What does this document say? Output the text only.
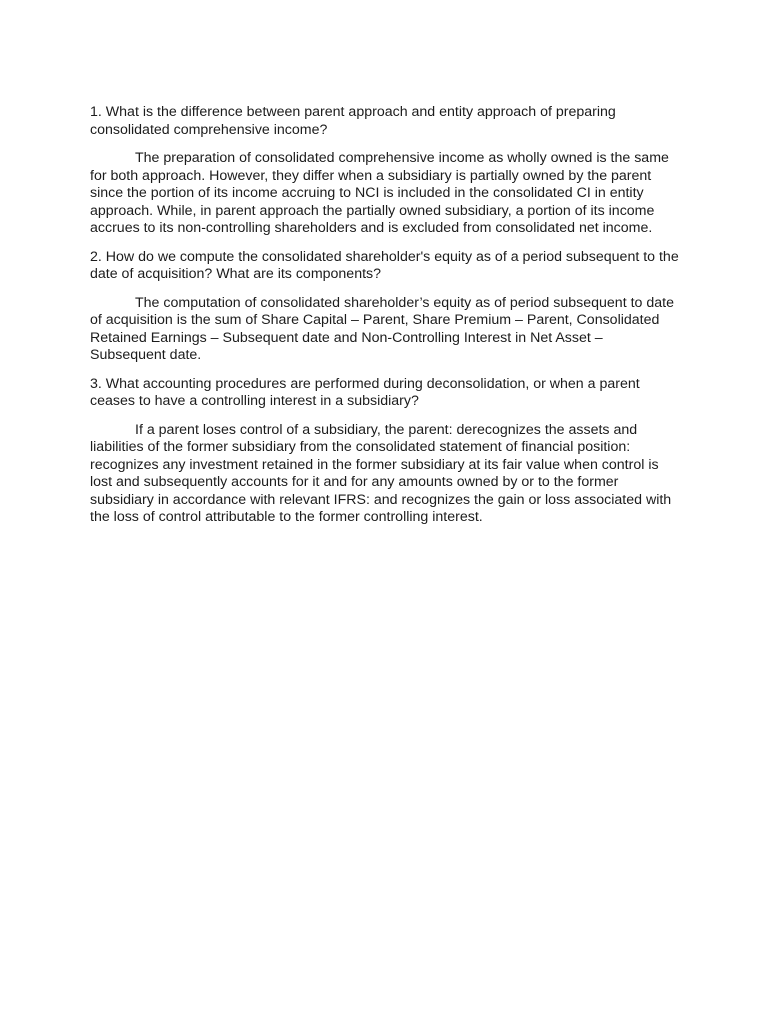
1. What is the difference between parent approach and entity approach of preparing consolidated comprehensive income?

The preparation of consolidated comprehensive income as wholly owned is the same for both approach. However, they differ when a subsidiary is partially owned by the parent since the portion of its income accruing to NCI is included in the consolidated CI in entity approach. While, in parent approach the partially owned subsidiary, a portion of its income accrues to its non-controlling shareholders and is excluded from consolidated net income.

2. How do we compute the consolidated shareholder's equity as of a period subsequent to the date of acquisition? What are its components?

The computation of consolidated shareholder’s equity as of period subsequent to date of acquisition is the sum of Share Capital – Parent, Share Premium – Parent, Consolidated Retained Earnings – Subsequent date and Non-Controlling Interest in Net Asset – Subsequent date.

3. What accounting procedures are performed during deconsolidation, or when a parent ceases to have a controlling interest in a subsidiary?

If a parent loses control of a subsidiary, the parent: derecognizes the assets and liabilities of the former subsidiary from the consolidated statement of financial position: recognizes any investment retained in the former subsidiary at its fair value when control is lost and subsequently accounts for it and for any amounts owned by or to the former subsidiary in accordance with relevant IFRS: and recognizes the gain or loss associated with the loss of control attributable to the former controlling interest.
